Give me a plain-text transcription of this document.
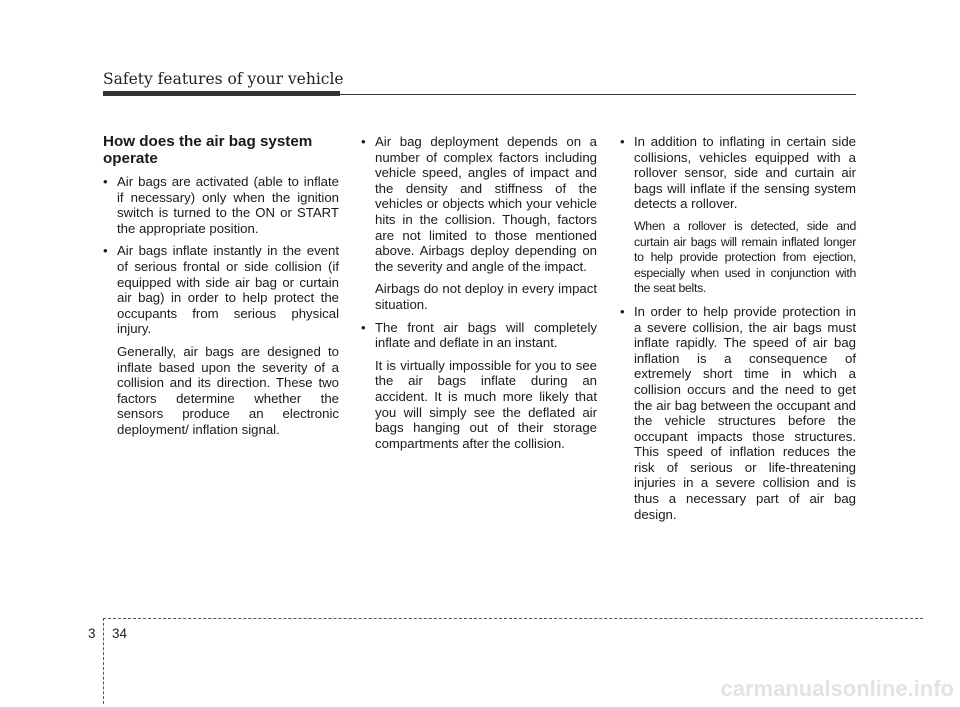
Safety features of your vehicle
How does the air bag system operate
• Air bags are activated (able to inflate if necessary) only when the ignition switch is turned to the ON or START the appropriate position.
• Air bags inflate instantly in the event of serious frontal or side collision (if equipped with side air bag or curtain air bag) in order to help protect the occupants from serious physical injury.
Generally, air bags are designed to inflate based upon the severity of a collision and its direction. These two factors determine whether the sensors produce an electronic deployment/ inflation signal.
• Air bag deployment depends on a number of complex factors including vehicle speed, angles of impact and the density and stiffness of the vehicles or objects which your vehicle hits in the collision. Though, factors are not limited to those mentioned above. Airbags deploy depending on the severity and angle of the impact.
Airbags do not deploy in every impact situation.
• The front air bags will completely inflate and deflate in an instant.
It is virtually impossible for you to see the air bags inflate during an accident. It is much more likely that you will simply see the deflated air bags hanging out of their storage compartments after the collision.
• In addition to inflating in certain side collisions, vehicles equipped with a rollover sensor, side and curtain air bags will inflate if the sensing system detects a rollover.
When a rollover is detected, side and curtain air bags will remain inflated longer to help provide protection from ejection, especially when used in conjunction with the seat belts.
• In order to help provide protection in a severe collision, the air bags must inflate rapidly. The speed of air bag inflation is a consequence of extremely short time in which a collision occurs and the need to get the air bag between the occupant and the vehicle structures before the occupant impacts those structures. This speed of inflation reduces the risk of serious or life-threatening injuries in a severe collision and is thus a necessary part of air bag design.
3 34
carmanualsonline.info
